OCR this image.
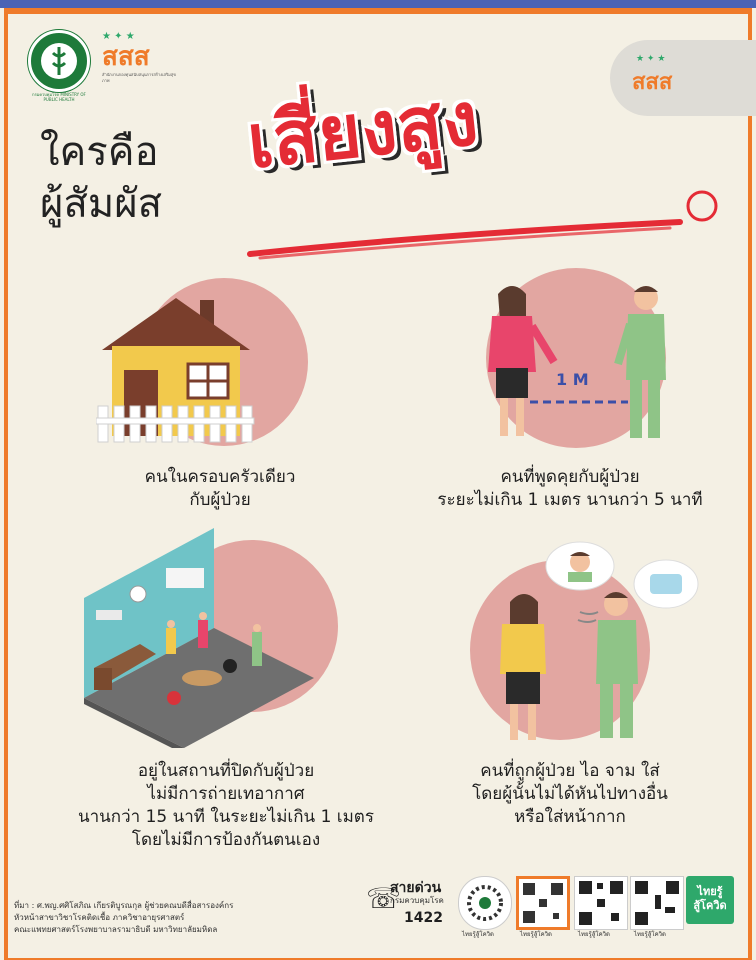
★ ✦ ★
สสส
สำนักงานกองทุนสนับสนุนการสร้างเสริมสุขภาพ
กรมควบคุมโรค MINISTRY OF PUBLIC HEALTH
★ ✦ ★
สสส
ใครคือ
ผู้สัมผัส
เสี่ยงสูง
คนในครอบครัวเดียว
กับผู้ป่วย
1 M
คนที่พูดคุยกับผู้ป่วย
ระยะไม่เกิน 1 เมตร นานกว่า 5 นาที
อยู่ในสถานที่ปิดกับผู้ป่วย
ไม่มีการถ่ายเทอากาศ
นานกว่า 15 นาที ในระยะไม่เกิน 1 เมตร
โดยไม่มีการป้องกันตนเอง
คนที่ถูกผู้ป่วย ไอ จาม ใส่
โดยผู้นั้นไม่ได้หันไปทางอื่น
หรือใส่หน้ากาก
ที่มา : ศ.พญ.ศศิโสภิณ เกียรติบูรณกุล ผู้ช่วยคณบดีสื่อสารองค์กร
หัวหน้าสาขาวิชาโรคติดเชื้อ ภาควิชาอายุรศาสตร์
คณะแพทยศาสตร์โรงพยาบาลรามาธิบดี มหาวิทยาลัยมหิดล
☏
สายด่วน
กรมควบคุมโรค
1422
ไทยรู้สู้โควิด	ไทยรู้สู้โควิด	ไทยรู้สู้โควิด	ไทยรู้สู้โควิด
ไทยรู้
สู้โควิด
